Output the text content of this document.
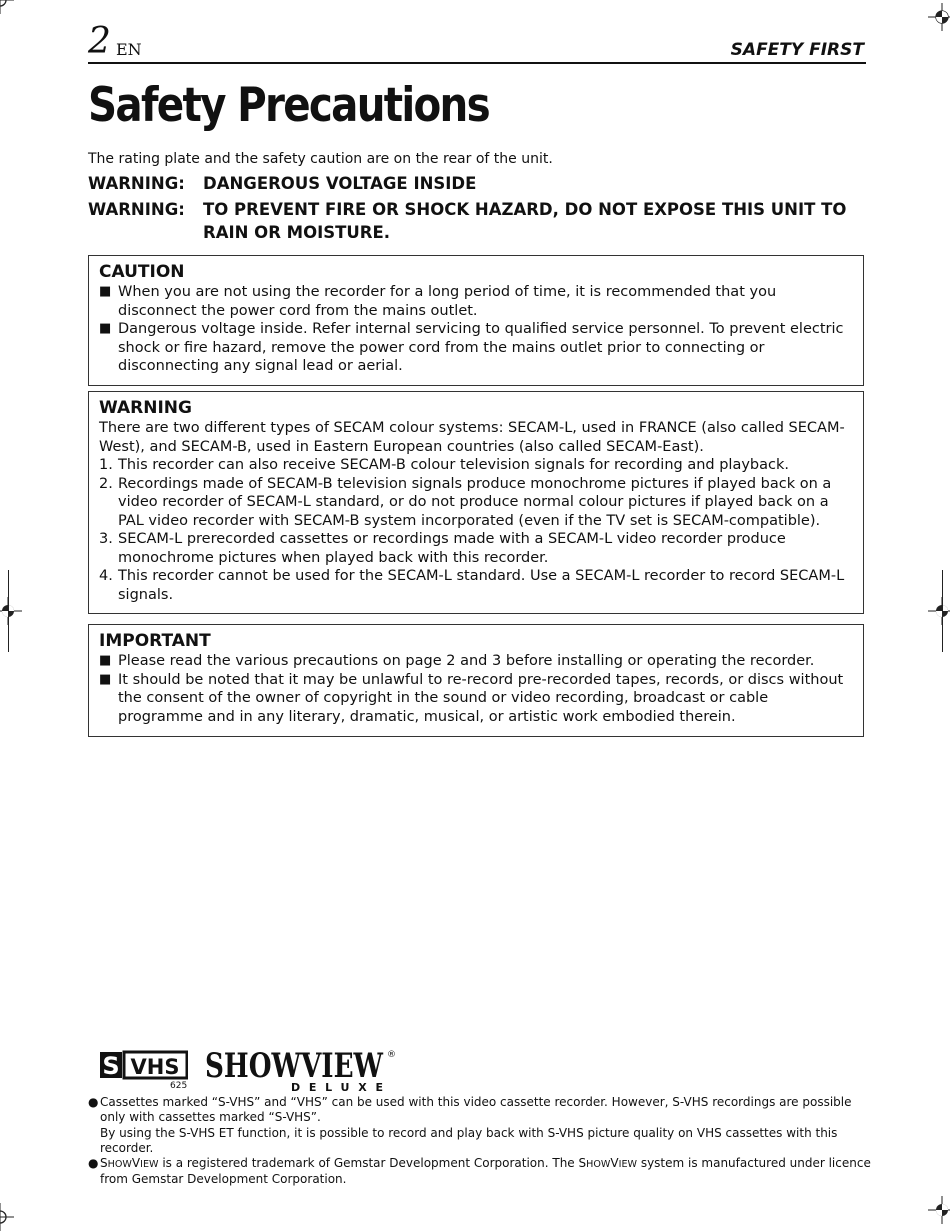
2 EN	SAFETY FIRST
Safety Precautions
The rating plate and the safety caution are on the rear of the unit.
WARNING:	DANGEROUS VOLTAGE INSIDE
WARNING:	TO PREVENT FIRE OR SHOCK HAZARD, DO NOT EXPOSE THIS UNIT TO RAIN OR MOISTURE.
CAUTION
■ When you are not using the recorder for a long period of time, it is recommended that you disconnect the power cord from the mains outlet.
■ Dangerous voltage inside. Refer internal servicing to qualified service personnel. To prevent electric shock or fire hazard, remove the power cord from the mains outlet prior to connecting or disconnecting any signal lead or aerial.
WARNING

There are two different types of SECAM colour systems: SECAM-L, used in FRANCE (also called SECAM-West), and SECAM-B, used in Eastern European countries (also called SECAM-East).

1. This recorder can also receive SECAM-B colour television signals for recording and playback.
2. Recordings made of SECAM-B television signals produce monochrome pictures if played back on a video recorder of SECAM-L standard, or do not produce normal colour pictures if played back on a PAL video recorder with SECAM-B system incorporated (even if the TV set is SECAM-compatible).
3. SECAM-L prerecorded cassettes or recordings made with a SECAM-L video recorder produce monochrome pictures when played back with this recorder.
4. This recorder cannot be used for the SECAM-L standard. Use a SECAM-L recorder to record SECAM-L signals.
IMPORTANT
■ Please read the various precautions on page 2 and 3 before installing or operating the recorder.
■ It should be noted that it may be unlawful to re-record pre-recorded tapes, records, or discs without the consent of the owner of copyright in the sound or video recording, broadcast or cable programme and in any literary, dramatic, musical, or artistic work embodied therein.
S VHS
625 SHOWVIEW ®
DELUXE
● Cassettes marked “S-VHS” and “VHS” can be used with this video cassette recorder. However, S-VHS recordings are possible only with cassettes marked “S-VHS”.
By using the S-VHS ET function, it is possible to record and play back with S-VHS picture quality on VHS cassettes with this recorder.
● SHOWVIEW is a registered trademark of Gemstar Development Corporation. The SHOWVIEW system is manufactured under licence from Gemstar Development Corporation.
